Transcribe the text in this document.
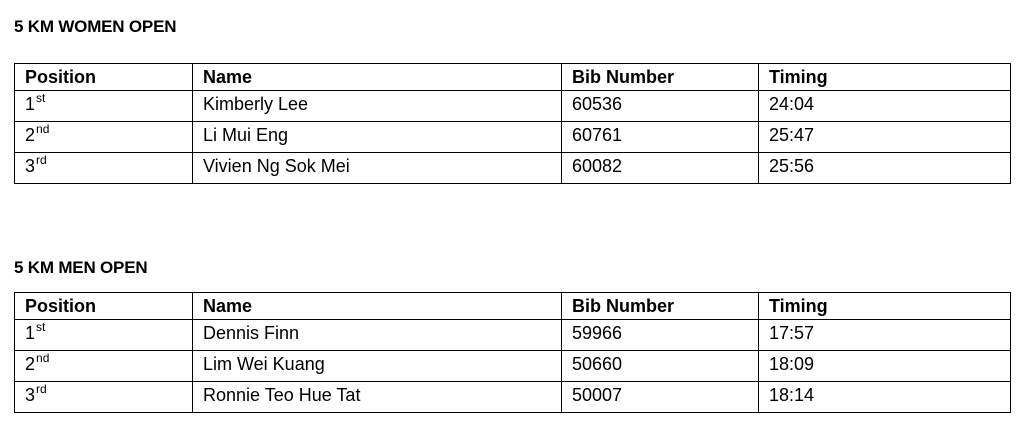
5 KM WOMEN OPEN
Position	Name	Bib Number	Timing
1st	Kimberly Lee	60536	24:04
2nd	Li Mui Eng	60761	25:47
3rd	Vivien Ng Sok Mei	60082	25:56
5 KM MEN OPEN
Position	Name	Bib Number	Timing
1st	Dennis Finn	59966	17:57
2nd	Lim Wei Kuang	50660	18:09
3rd	Ronnie Teo Hue Tat	50007	18:14
